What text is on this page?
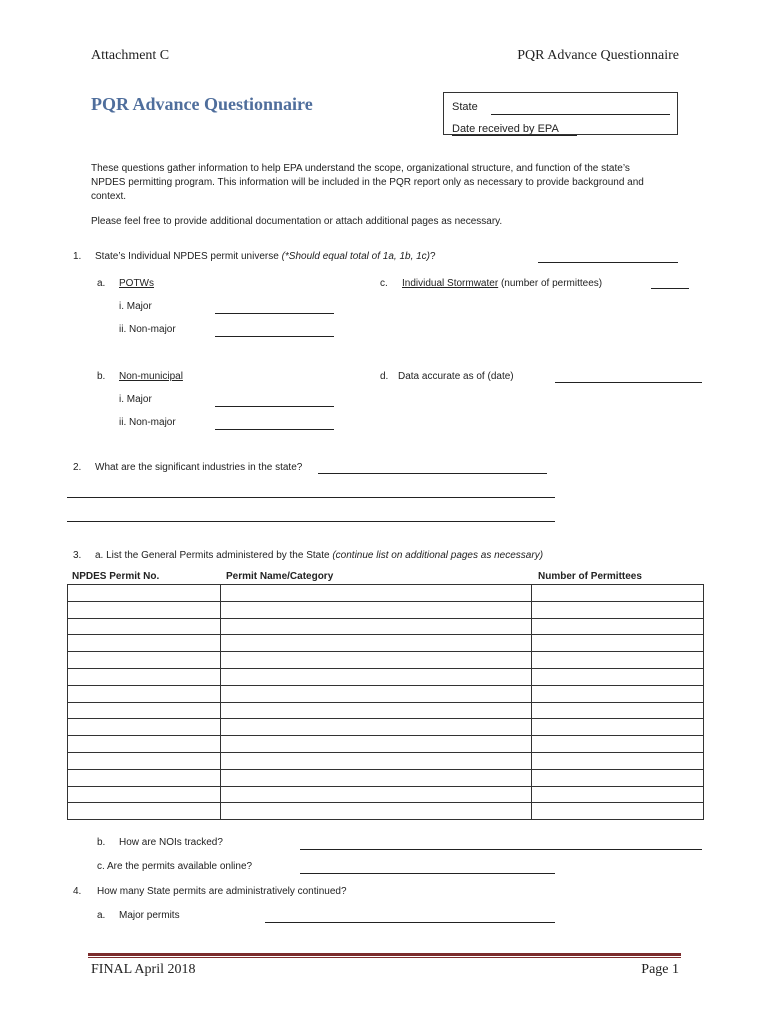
Attachment C	PQR Advance Questionnaire
PQR Advance Questionnaire	State
Date received by EPA
These questions gather information to help EPA understand the scope, organizational structure, and function of the state’s
NPDES permitting program. This information will be included in the PQR report only as necessary to provide background and
context.
Please feel free to provide additional documentation or attach additional pages as necessary.
1. State’s Individual NPDES permit universe (*Should equal total of 1a, 1b, 1c)?
a. POTWs
i. Major
ii. Non-major
c. Individual Stormwater (number of permittees)
b. Non-municipal
i. Major
ii. Non-major
d. Data accurate as of (date)
2. What are the significant industries in the state?
3. a. List the General Permits administered by the State (continue list on additional pages as necessary)
NPDES Permit No.	Permit Name/Category	Number of Permittees

b. How are NOIs tracked?
c. Are the permits available online?
4. How many State permits are administratively continued?
a. Major permits
FINAL April 2018	Page 1
